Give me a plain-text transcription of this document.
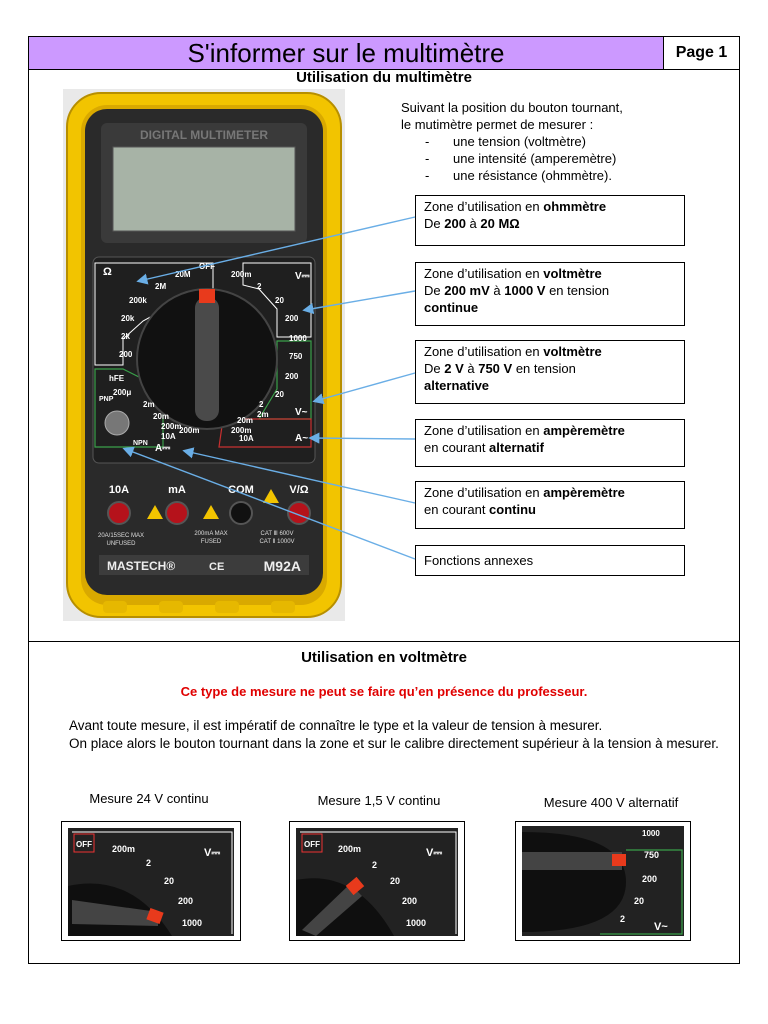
S'informer sur le multimètre	Page 1
Utilisation du multimètre
DIGITAL MULTIMETER
Ω	OFF
20M
2M
200k
20k
2k
200
200m
2
20
200
1000
V⎓
750
200
20
2
V~
hFE
200μ
2m
20m
200m
10A
200m	200m
20m
2m
10A	A~
A⎓
PNP
NPN
10A	mA	COM	V/Ω
20A/15SEC MAX
UNFUSED
200mA MAX
FUSED
CAT Ⅲ 600V
CAT Ⅱ 1000V
MASTECH®	CE	M92A
Suivant la position du bouton tournant,
le mutimètre permet de mesurer :
- une tension (voltmètre)
- une intensité (amperemètre)
- une résistance (ohmmètre).
Zone d’utilisation en ohmmètre
De 200 à 20 MΩ
Zone d’utilisation en voltmètre
De 200 mV à 1000 V en tension
continue
Zone d’utilisation en voltmètre
De 2 V à 750 V en tension
alternative
Zone d’utilisation en ampèremètre
en courant alternatif
Zone d’utilisation en ampèremètre
en courant continu
Fonctions annexes
Utilisation en voltmètre
Ce type de mesure ne peut se faire qu’en présence du professeur.
Avant toute mesure, il est impératif de connaître le type et la valeur de tension à mesurer.
On place alors le bouton tournant dans la zone et sur le calibre directement supérieur à la tension à mesurer.
Mesure 24 V continu	Mesure 1,5 V continu	Mesure 400 V alternatif
OFF 200m
2
20
200
1000
V⎓
OFF 200m
2
20
200
1000
V⎓
1000
750
200
20
2
V~
